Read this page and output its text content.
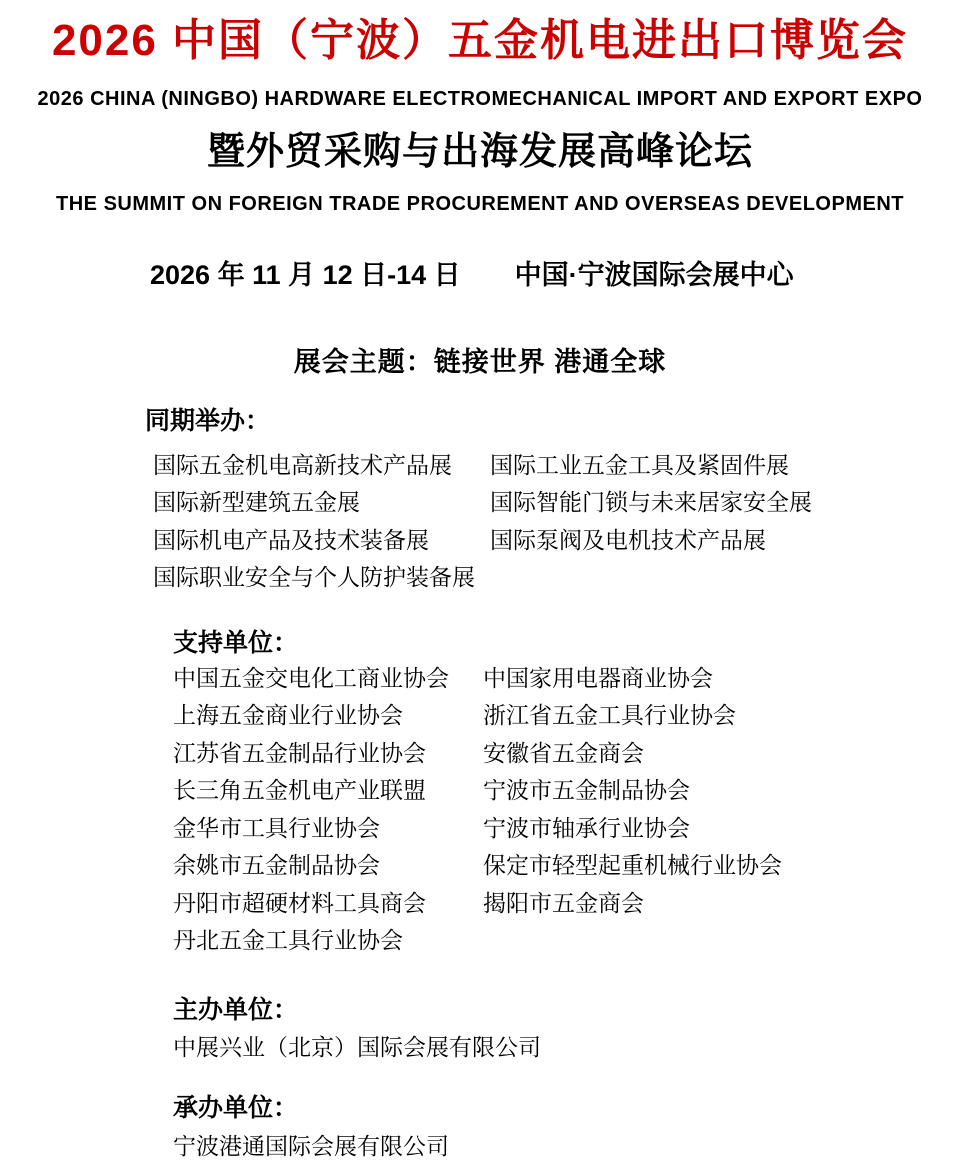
2026 中国（宁波）五金机电进出口博览会
2026 CHINA (NINGBO) HARDWARE ELECTROMECHANICAL IMPORT AND EXPORT EXPO
暨外贸采购与出海发展高峰论坛
THE SUMMIT ON FOREIGN TRADE PROCUREMENT AND OVERSEAS DEVELOPMENT
2026 年 11 月 12 日-14 日 中国·宁波国际会展中心
展会主题：链接世界 港通全球
同期举办：
国际五金机电高新技术产品展	国际工业五金工具及紧固件展
国际新型建筑五金展	国际智能门锁与未来居家安全展
国际机电产品及技术装备展	国际泵阀及电机技术产品展
国际职业安全与个人防护装备展
支持单位：
中国五金交电化工商业协会	中国家用电器商业协会
上海五金商业行业协会	浙江省五金工具行业协会
江苏省五金制品行业协会	安徽省五金商会
长三角五金机电产业联盟	宁波市五金制品协会
金华市工具行业协会	宁波市轴承行业协会
余姚市五金制品协会	保定市轻型起重机械行业协会
丹阳市超硬材料工具商会	揭阳市五金商会
丹北五金工具行业协会
主办单位：
中展兴业（北京）国际会展有限公司
承办单位：
宁波港通国际会展有限公司
